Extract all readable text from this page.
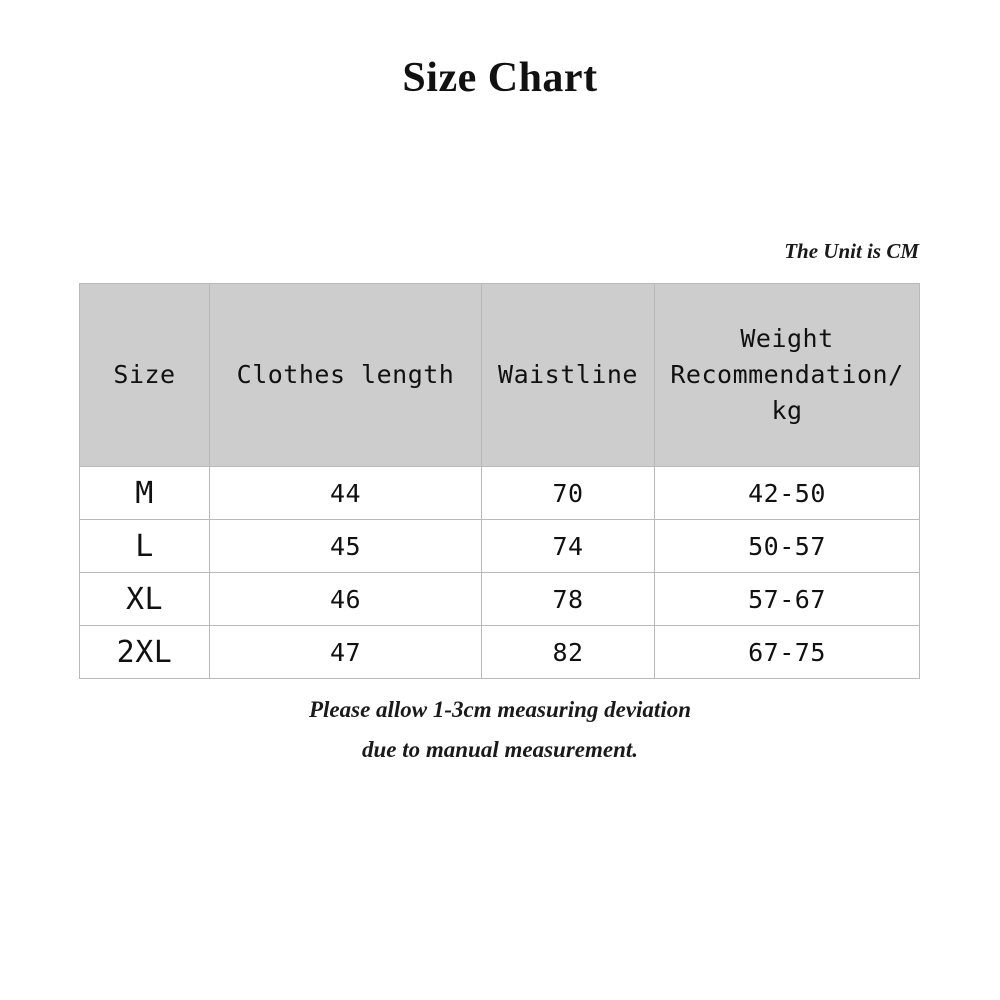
Size Chart
The Unit is CM
Size	Clothes length	Waistline	Weight
Recommendation/
kg
M	44	70	42-50
L	45	74	50-57
XL	46	78	57-67
2XL	47	82	67-75
Please allow 1-3cm measuring deviation
due to manual measurement.
